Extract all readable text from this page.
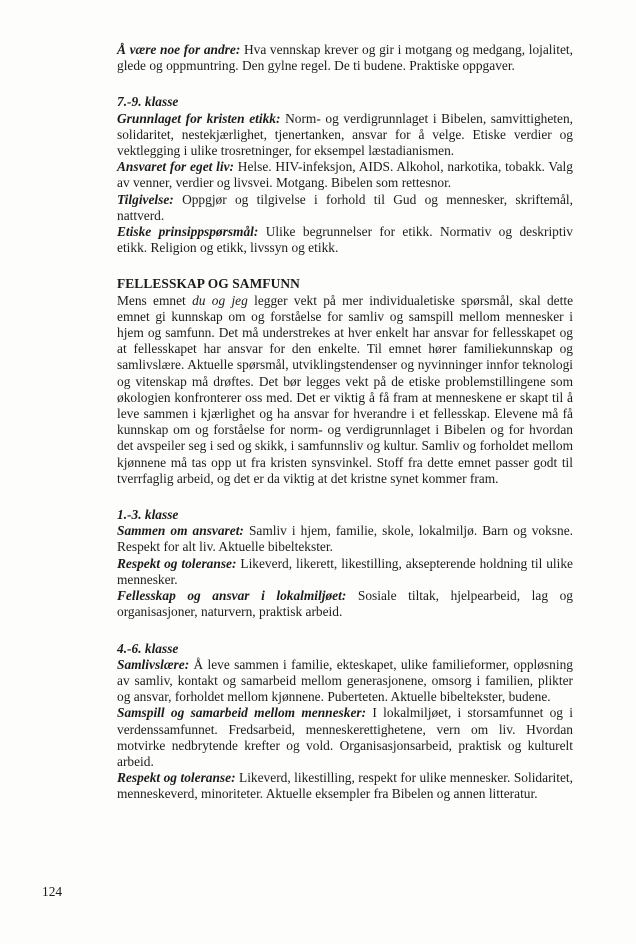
Å være noe for andre: Hva vennskap krever og gir i motgang og medgang, lojalitet, glede og oppmuntring. Den gylne regel. De ti budene. Praktiske oppgaver.

7.-9. klasse

Grunnlaget for kristen etikk: Norm- og verdigrunnlaget i Bibelen, samvittigheten, solidaritet, nestekjærlighet, tjenertanken, ansvar for å velge. Etiske verdier og vektlegging i ulike trosretninger, for eksempel læstadianismen.

Ansvaret for eget liv: Helse. HIV-infeksjon, AIDS. Alkohol, narkotika, tobakk. Valg av venner, verdier og livsvei. Motgang. Bibelen som rettesnor.

Tilgivelse: Oppgjør og tilgivelse i forhold til Gud og mennesker, skriftemål, nattverd.

Etiske prinsippspørsmål: Ulike begrunnelser for etikk. Normativ og deskriptiv etikk. Religion og etikk, livssyn og etikk.

FELLESSKAP OG SAMFUNN

Mens emnet du og jeg legger vekt på mer individualetiske spørsmål, skal dette emnet gi kunnskap om og forståelse for samliv og samspill mellom mennesker i hjem og samfunn. Det må understrekes at hver enkelt har ansvar for fellesskapet og at fellesskapet har ansvar for den enkelte. Til emnet hører familiekunnskap og samlivslære. Aktuelle spørsmål, utviklingstendenser og nyvinninger innfor teknologi og vitenskap må drøftes. Det bør legges vekt på de etiske problemstillingene som økologien konfronterer oss med. Det er viktig å få fram at menneskene er skapt til å leve sammen i kjærlighet og ha ansvar for hverandre i et fellesskap. Elevene må få kunnskap om og forståelse for norm- og verdigrunnlaget i Bibelen og for hvordan det avspeiler seg i sed og skikk, i samfunnsliv og kultur. Samliv og forholdet mellom kjønnene må tas opp ut fra kristen synsvinkel. Stoff fra dette emnet passer godt til tverrfaglig arbeid, og det er da viktig at det kristne synet kommer fram.

1.-3. klasse

Sammen om ansvaret: Samliv i hjem, familie, skole, lokalmiljø. Barn og voksne. Respekt for alt liv. Aktuelle bibeltekster.

Respekt og toleranse: Likeverd, likerett, likestilling, aksepterende holdning til ulike mennesker.

Fellesskap og ansvar i lokalmiljøet: Sosiale tiltak, hjelpearbeid, lag og organisasjoner, naturvern, praktisk arbeid.

4.-6. klasse

Samlivslære: Å leve sammen i familie, ekteskapet, ulike familieformer, oppløsning av samliv, kontakt og samarbeid mellom generasjonene, omsorg i familien, plikter og ansvar, forholdet mellom kjønnene. Puberteten. Aktuelle bibeltekster, budene.

Samspill og samarbeid mellom mennesker: I lokalmiljøet, i storsamfunnet og i verdenssamfunnet. Fredsarbeid, menneskerettighetene, vern om liv. Hvordan motvirke nedbrytende krefter og vold. Organisasjonsarbeid, praktisk og kulturelt arbeid.

Respekt og toleranse: Likeverd, likestilling, respekt for ulike mennesker. Solidaritet, menneskeverd, minoriteter. Aktuelle eksempler fra Bibelen og annen litteratur.

124
